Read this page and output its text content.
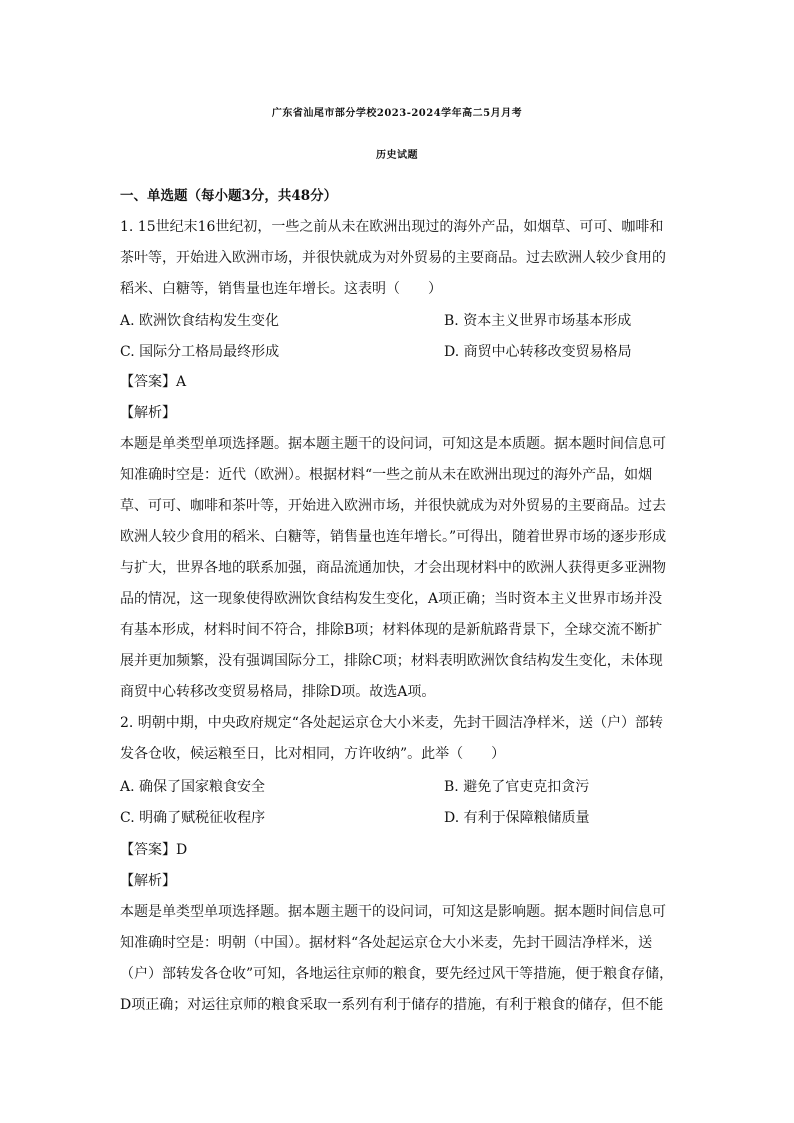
广东省汕尾市部分学校2023-2024学年高二5月月考
历史试题
一、单选题（每小题3分，共48分）
1. 15世纪末16世纪初，一些之前从未在欧洲出现过的海外产品，如烟草、可可、咖啡和
茶叶等，开始进入欧洲市场，并很快就成为对外贸易的主要商品。过去欧洲人较少食用的
稻米、白糖等，销售量也连年增长。这表明（　　）
A. 欧洲饮食结构发生变化	B. 资本主义世界市场基本形成
C. 国际分工格局最终形成	D. 商贸中心转移改变贸易格局
【答案】A
【解析】
本题是单类型单项选择题。据本题主题干的设问词，可知这是本质题。据本题时间信息可
知准确时空是：近代（欧洲）。根据材料“一些之前从未在欧洲出现过的海外产品，如烟
草、可可、咖啡和茶叶等，开始进入欧洲市场，并很快就成为对外贸易的主要商品。过去
欧洲人较少食用的稻米、白糖等，销售量也连年增长。”可得出，随着世界市场的逐步形成
与扩大，世界各地的联系加强，商品流通加快，才会出现材料中的欧洲人获得更多亚洲物
品的情况，这一现象使得欧洲饮食结构发生变化，A项正确；当时资本主义世界市场并没
有基本形成，材料时间不符合，排除B项；材料体现的是新航路背景下，全球交流不断扩
展并更加频繁，没有强调国际分工，排除C项；材料表明欧洲饮食结构发生变化，未体现
商贸中心转移改变贸易格局，排除D项。故选A项。
2. 明朝中期，中央政府规定“各处起运京仓大小米麦，先封干圆洁净样米，送（户）部转
发各仓收，候运粮至日，比对相同，方许收纳”。此举（　　）
A. 确保了国家粮食安全	B. 避免了官吏克扣贪污
C. 明确了赋税征收程序	D. 有利于保障粮储质量
【答案】D
【解析】
本题是单类型单项选择题。据本题主题干的设问词，可知这是影响题。据本题时间信息可
知准确时空是：明朝（中国）。据材料“各处起运京仓大小米麦，先封干圆洁净样米，送
（户）部转发各仓收”可知，各地运往京师的粮食，要先经过风干等措施，便于粮食存储，
D项正确；对运往京师的粮食采取一系列有利于储存的措施，有利于粮食的储存，但不能
